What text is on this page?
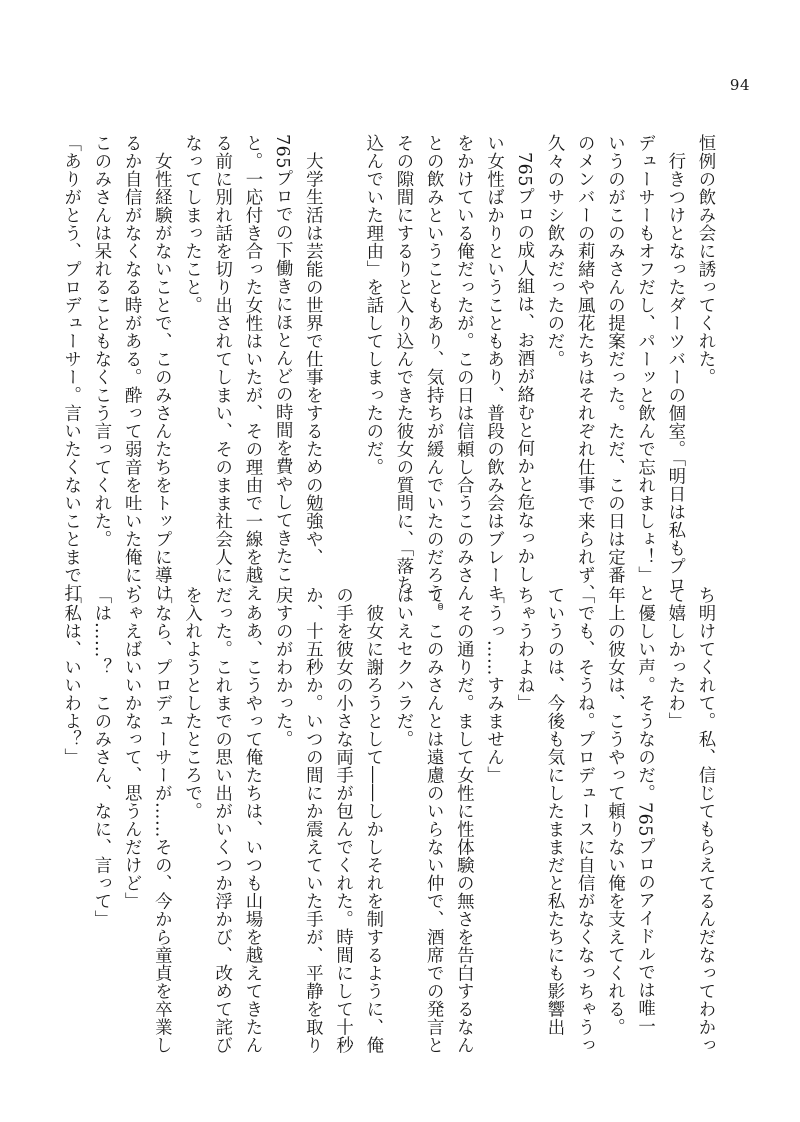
94
恒例の飲み会に誘ってくれた。
　行きつけとなったダーツバーの個室。「明日は私もプロ
デューサーもオフだし、パーッと飲んで忘れましょ！」と
いうのがこのみさんの提案だった。ただ、この日は定番
のメンバーの莉緒や風花たちはそれぞれ仕事で来られず、
久々のサシ飲みだったのだ。
　765プロの成人組は、お酒が絡むと何かと危なっかし
い女性ばかりということもあり、普段の飲み会はブレーキ
をかけている俺だったが。この日は信頼し合うこのみさん
との飲みということもあり、気持ちが緩んでいたのだろう。
その隙間にするりと入り込んできた彼女の質問に、「落ち
込んでいた理由」を話してしまったのだ。

　大学生活は芸能の世界で仕事をするための勉強や、
765プロでの下働きにほとんどの時間を費やしてきたこ
と。一応付き合った女性はいたが、その理由で一線を越え
る前に別れ話を切り出されてしまい、そのまま社会人に
なってしまったこと。
　女性経験がないことで、このみさんたちをトップに導け
るか自信がなくなる時がある。酔って弱音を吐いた俺に、
このみさんは呆れることもなくこう言ってくれた。
「ありがとう、プロデューサー。言いたくないことまで打
ち明けてくれて。私、信じてもらえてるんだなってわかっ
て嬉しかったわ」
　優しい声。そうなのだ。765プロのアイドルでは唯一
年上の彼女は、こうやって頼りない俺を支えてくれる。
「でも、そうね。プロデュースに自信がなくなっちゃうっ
ていうのは、今後も気にしたままだと私たちにも影響出
ちゃうわよね」
「うっ……すみません」
　その通りだ。まして女性に性体験の無さを告白するなん
て。このみさんとは遠慮のいらない仲で、酒席での発言と
はいえセクハラだ。
　彼女に謝ろうとして――しかしそれを制するように、俺
の手を彼女の小さな両手が包んでくれた。時間にして十秒
か、十五秒か。いつの間にか震えていた手が、平静を取り
戻すのがわかった。
　ああ、こうやって俺たちは、いつも山場を越えてきたん
だった。これまでの思い出がいくつか浮かび、改めて詫び
を入れようとしたところで。
「なら、プロデューサーが……その、今から童貞を卒業し
ちゃえばいいかなって、思うんだけど」
「は……？　このみさん、なに、言って」
「私は、いいわよ？」
